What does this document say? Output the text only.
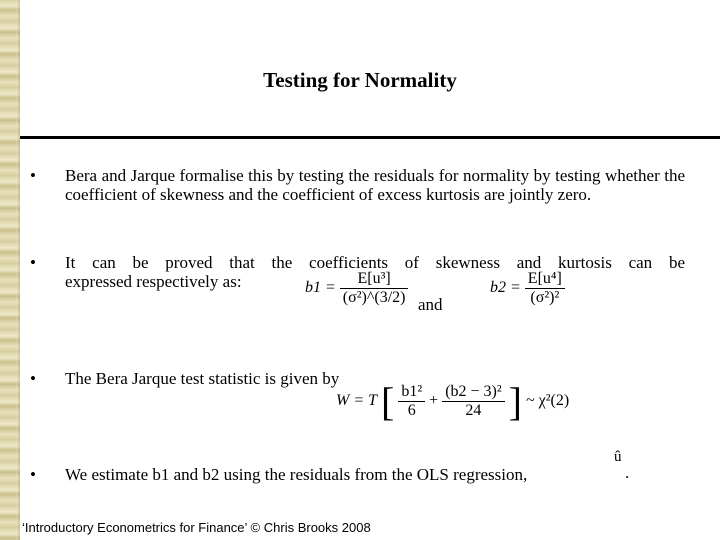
Testing for Normality
• Bera and Jarque formalise this by testing the residuals for normality by testing whether the coefficient of skewness and the coefficient of excess kurtosis are jointly zero.
• It can be proved that the coefficients of skewness and kurtosis can be
expressed respectively as:	$b1 = \frac{\text{E[u³]}}{\text{(σ²)\textasciicircum{}(3/2)}}$ and
$b2 = \frac{\text{E[u⁴]}}{\text{(σ²)²}}$
• The Bera Jarque test statistic is given by
W = T [ $\frac{\text{b1²}}{6} + \frac{\text{(b2 − 3)²}}{24}$ ] ~ χ²(2)
• We estimate b1 and b2 using the residuals from the OLS regression,
û
.
‘Introductory Econometrics for Finance’ © Chris Brooks 2008
